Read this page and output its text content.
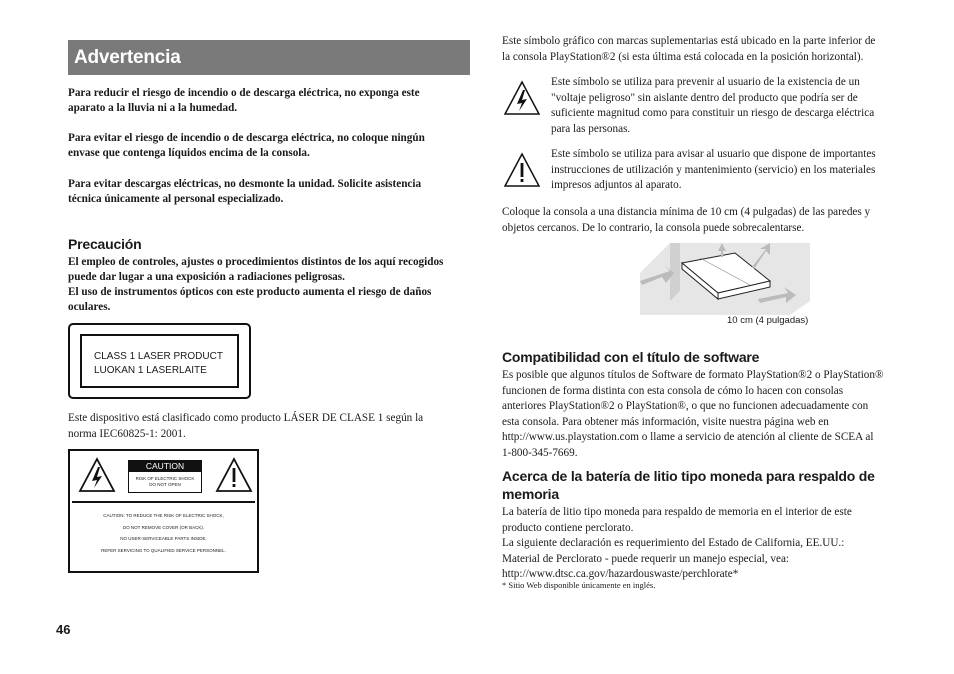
Advertencia
Para reducir el riesgo de incendio o de descarga eléctrica, no exponga este
aparato a la lluvia ni a la humedad.
Para evitar el riesgo de incendio o de descarga eléctrica, no coloque ningún
envase que contenga líquidos encima de la consola.
Para evitar descargas eléctricas, no desmonte la unidad. Solicite asistencia
técnica únicamente al personal especializado.
Precaución
El empleo de controles, ajustes o procedimientos distintos de los aquí recogidos
puede dar lugar a una exposición a radiaciones peligrosas.
El uso de instrumentos ópticos con este producto aumenta el riesgo de daños
oculares.
CLASS 1 LASER PRODUCT
LUOKAN 1 LASERLAITE
Este dispositivo está clasificado como producto LÁSER DE CLASE 1 según la
norma IEC60825-1: 2001.
CAUTION
RISK OF ELECTRIC SHOCK
DO NOT OPEN
CAUTION: TO REDUCE THE RISK OF ELECTRIC SHOCK,
DO NOT REMOVE COVER (OR BACK).
NO USER-SERVICEABLE PARTS INSIDE.
REFER SERVICING TO QUALIFIED SERVICE PERSONNEL.
46
Este símbolo gráfico con marcas suplementarias está ubicado en la parte inferior de
la consola PlayStation®2 (si esta última está colocada en la posición horizontal).
Este símbolo se utiliza para prevenir al usuario de la existencia de un
"voltaje peligroso" sin aislante dentro del producto que podría ser de
suficiente magnitud como para constituir un riesgo de descarga eléctrica
para las personas.
Este símbolo se utiliza para avisar al usuario que dispone de importantes
instrucciones de utilización y mantenimiento (servicio) en los materiales
impresos adjuntos al aparato.
Coloque la consola a una distancia mínima de 10 cm (4 pulgadas) de las paredes y
objetos cercanos. De lo contrario, la consola puede sobrecalentarse.
10 cm (4 pulgadas)
Compatibilidad con el título de software
Es posible que algunos títulos de Software de formato PlayStation®2 o PlayStation®
funcionen de forma distinta con esta consola de cómo lo hacen con consolas
anteriores PlayStation®2 o PlayStation®, o que no funcionen adecuadamente con
esta consola. Para obtener más información, visite nuestra página web en
http://www.us.playstation.com o llame a servicio de atención al cliente de SCEA al
1-800-345-7669.
Acerca de la batería de litio tipo moneda para respaldo de
memoria
La batería de litio tipo moneda para respaldo de memoria en el interior de este
producto contiene perclorato.
La siguiente declaración es requerimiento del Estado de California, EE.UU.:
Material de Perclorato - puede requerir un manejo especial, vea:
http://www.dtsc.ca.gov/hazardouswaste/perchlorate*
* Sitio Web disponible únicamente en inglés.
